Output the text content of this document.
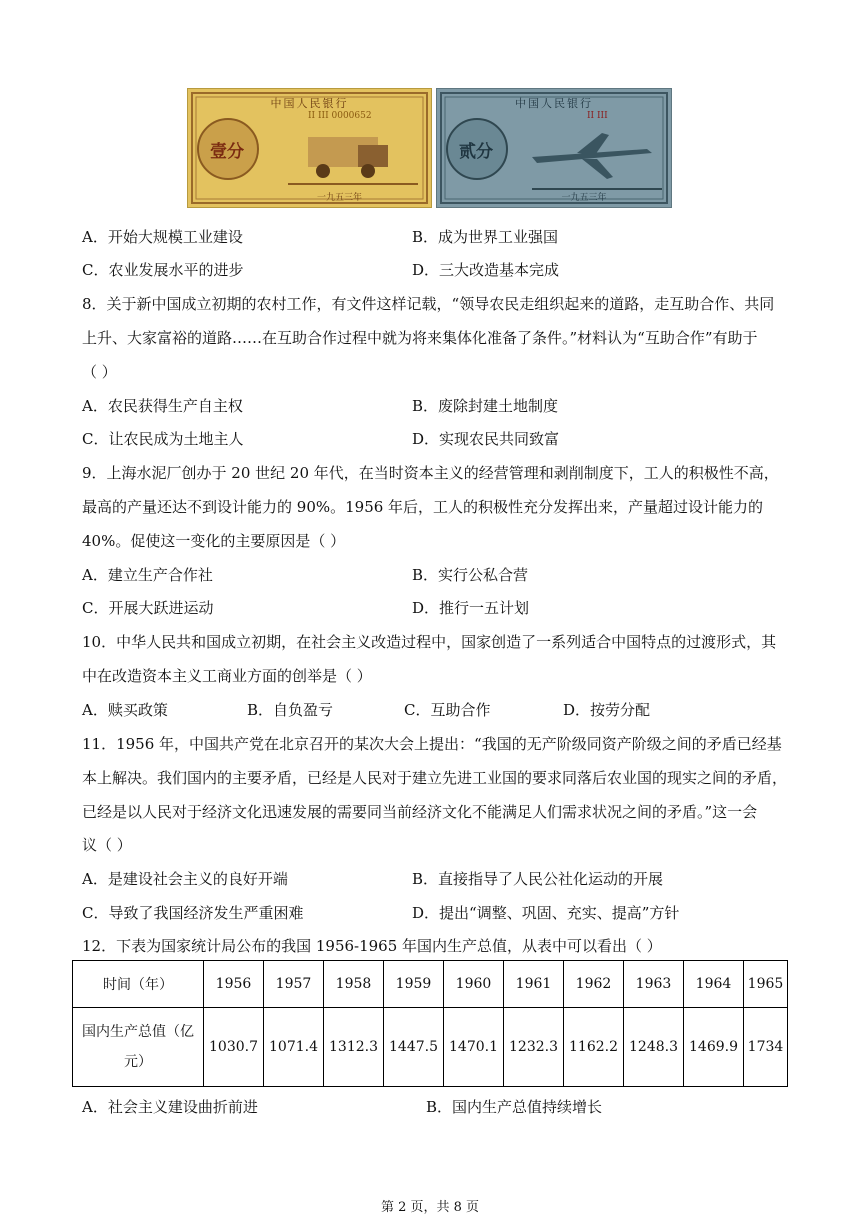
中国人民银行
II III 0000652
壹分
一九五三年
中国人民银行
II III
贰分
一九五三年
A．开始大规模工业建设	B．成为世界工业强国
C．农业发展水平的进步	D．三大改造基本完成
8．关于新中国成立初期的农村工作，有文件这样记载，“领导农民走组织起来的道路，走互助合作、共同
上升、大家富裕的道路……在互助合作过程中就为将来集体化准备了条件。”材料认为“互助合作”有助于
（ ）
A．农民获得生产自主权	B．废除封建土地制度
C．让农民成为土地主人	D．实现农民共同致富
9．上海水泥厂创办于 20 世纪 20 年代，在当时资本主义的经营管理和剥削制度下，工人的积极性不高，
最高的产量还达不到设计能力的 90%。1956 年后，工人的积极性充分发挥出来，产量超过设计能力的
40%。促使这一变化的主要原因是（ ）
A．建立生产合作社	B．实行公私合营
C．开展大跃进运动	D．推行一五计划
10．中华人民共和国成立初期，在社会主义改造过程中，国家创造了一系列适合中国特点的过渡形式，其
中在改造资本主义工商业方面的创举是（ ）
A．赎买政策	B．自负盈亏	C．互助合作	D．按劳分配
11．1956 年，中国共产党在北京召开的某次大会上提出：“我国的无产阶级同资产阶级之间的矛盾已经基
本上解决。我们国内的主要矛盾，已经是人民对于建立先进工业国的要求同落后农业国的现实之间的矛盾，
已经是以人民对于经济文化迅速发展的需要同当前经济文化不能满足人们需求状况之间的矛盾。”这一会
议（ ）
A．是建设社会主义的良好开端	B．直接指导了人民公社化运动的开展
C．导致了我国经济发生严重困难	D．提出“调整、巩固、充实、提高”方针
12．下表为国家统计局公布的我国 1956-1965 年国内生产总值，从表中可以看出（ ）
时间（年）	1956	1957	1958	1959	1960	1961	1962	1963	1964	1965

国内生产总值（亿
元）	1030.7	1071.4	1312.3	1447.5	1470.1	1232.3	1162.2	1248.3	1469.9	1734
A．社会主义建设曲折前进	B．国内生产总值持续增长
第 2 页，共 8 页
